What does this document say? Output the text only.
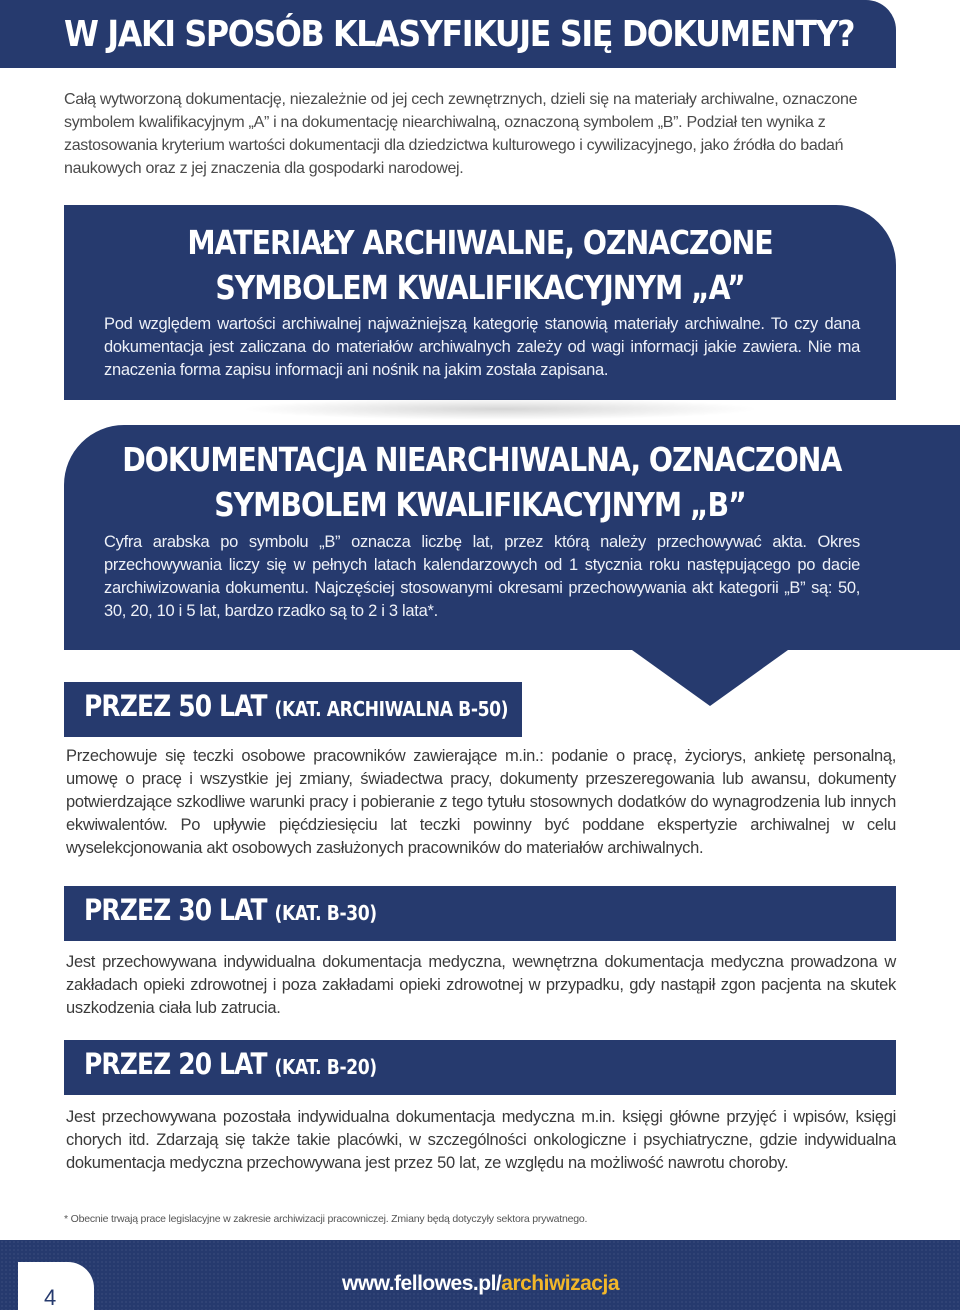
W JAKI SPOSÓB KLASYFIKUJE SIĘ DOKUMENTY?

Całą wytworzoną dokumentację, niezależnie od jej cech zewnętrznych, dzieli się na materiały archiwalne, oznaczone symbolem kwalifikacyjnym „A” i na dokumentację niearchiwalną, oznaczoną symbolem „B”. Podział ten wynika z zastosowania kryterium wartości dokumentacji dla dziedzictwa kulturowego i cywilizacyjnego, jako źródła do badań naukowych oraz z jej znaczenia dla gospodarki narodowej.

MATERIAŁY ARCHIWALNE, OZNACZONE
SYMBOLEM KWALIFIKACYJNYM „A”

Pod względem wartości archiwalnej najważniejszą kategorię stanowią materiały archiwalne. To czy dana dokumentacja jest zaliczana do materiałów archiwalnych zależy od wagi informacji jakie zawiera. Nie ma znaczenia forma zapisu informacji ani nośnik na jakim została zapisana.

DOKUMENTACJA NIEARCHIWALNA, OZNACZONA
SYMBOLEM KWALIFIKACYJNYM „B”

Cyfra arabska po symbolu „B” oznacza liczbę lat, przez którą należy przechowywać akta. Okres przechowywania liczy się w pełnych latach kalendarzowych od 1 stycznia roku następującego po dacie zarchiwizowania dokumentu. Najczęściej stosowanymi okresami przechowywania akt kategorii „B” są: 50, 30, 20, 10 i 5 lat, bardzo rzadko są to 2 i 3 lata*.

PRZEZ 50 LAT (KAT. ARCHIWALNA B-50)

Przechowuje się teczki osobowe pracowników zawierające m.in.: podanie o pracę, życiorys, ankietę personalną, umowę o pracę i wszystkie jej zmiany, świadectwa pracy, dokumenty przeszeregowania lub awansu, dokumenty potwierdzające szkodliwe warunki pracy i pobieranie z tego tytułu stosownych dodatków do wynagrodzenia lub innych ekwiwalentów. Po upływie pięćdziesięciu lat teczki powinny być poddane ekspertyzie archiwalnej w celu wyselekcjonowania akt osobowych zasłużonych pracowników do materiałów archiwalnych.

PRZEZ 30 LAT (KAT. B-30)

Jest przechowywana indywidualna dokumentacja medyczna, wewnętrzna dokumentacja medyczna prowadzona w zakładach opieki zdrowotnej i poza zakładami opieki zdrowotnej w przypadku, gdy nastąpił zgon pacjenta na skutek uszkodzenia ciała lub zatrucia.

PRZEZ 20 LAT (KAT. B-20)

Jest przechowywana pozostała indywidualna dokumentacja medyczna m.in. księgi główne przyjęć i wpisów, księgi chorych itd. Zdarzają się także takie placówki, w szczególności onkologiczne i psychiatryczne, gdzie indywidualna dokumentacja medyczna przechowywana jest przez 50 lat, ze względu na możliwość nawrotu choroby.

* Obecnie trwają prace legislacyjne w zakresie archiwizacji pracowniczej. Zmiany będą dotyczyły sektora prywatnego.

4
www.fellowes.pl/archiwizacja
